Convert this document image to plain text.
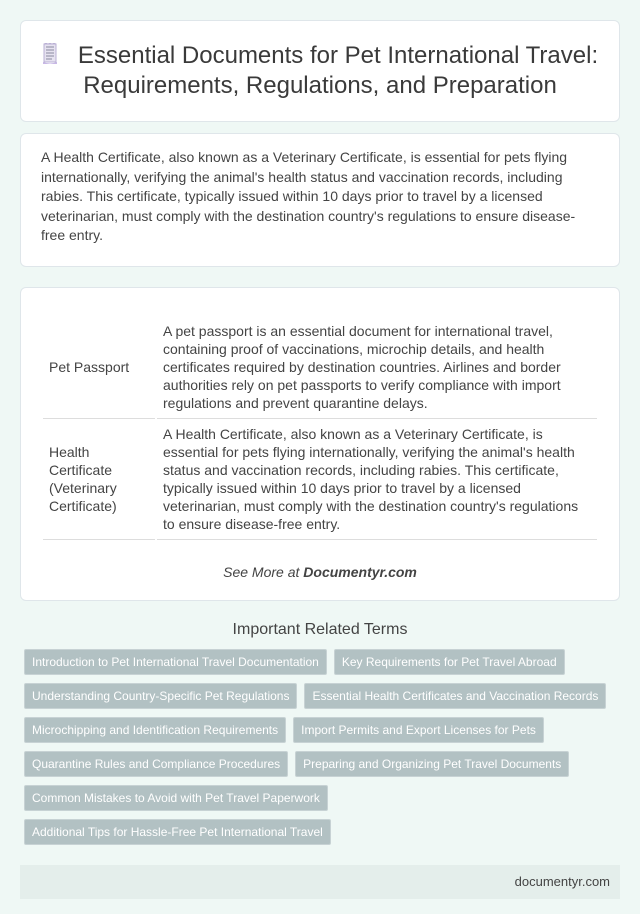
Essential Documents for Pet International Travel: Requirements, Regulations, and Preparation

A Health Certificate, also known as a Veterinary Certificate, is essential for pets flying internationally, verifying the animal's health status and vaccination records, including rabies. This certificate, typically issued within 10 days prior to travel by a licensed veterinarian, must comply with the destination country's regulations to ensure disease-free entry.

Pet Passport	A pet passport is an essential document for international travel, containing proof of vaccinations, microchip details, and health certificates required by destination countries. Airlines and border authorities rely on pet passports to verify compliance with import regulations and prevent quarantine delays.
Health Certificate (Veterinary Certificate)	A Health Certificate, also known as a Veterinary Certificate, is essential for pets flying internationally, verifying the animal's health status and vaccination records, including rabies. This certificate, typically issued within 10 days prior to travel by a licensed veterinarian, must comply with the destination country's regulations to ensure disease-free entry.
See More at Documentyr.com
Important Related Terms
Introduction to Pet International Travel Documentation	Key Requirements for Pet Travel Abroad
Understanding Country-Specific Pet Regulations	Essential Health Certificates and Vaccination Records
Microchipping and Identification Requirements	Import Permits and Export Licenses for Pets
Quarantine Rules and Compliance Procedures	Preparing and Organizing Pet Travel Documents
Common Mistakes to Avoid with Pet Travel Paperwork
Additional Tips for Hassle-Free Pet International Travel
documentyr.com
